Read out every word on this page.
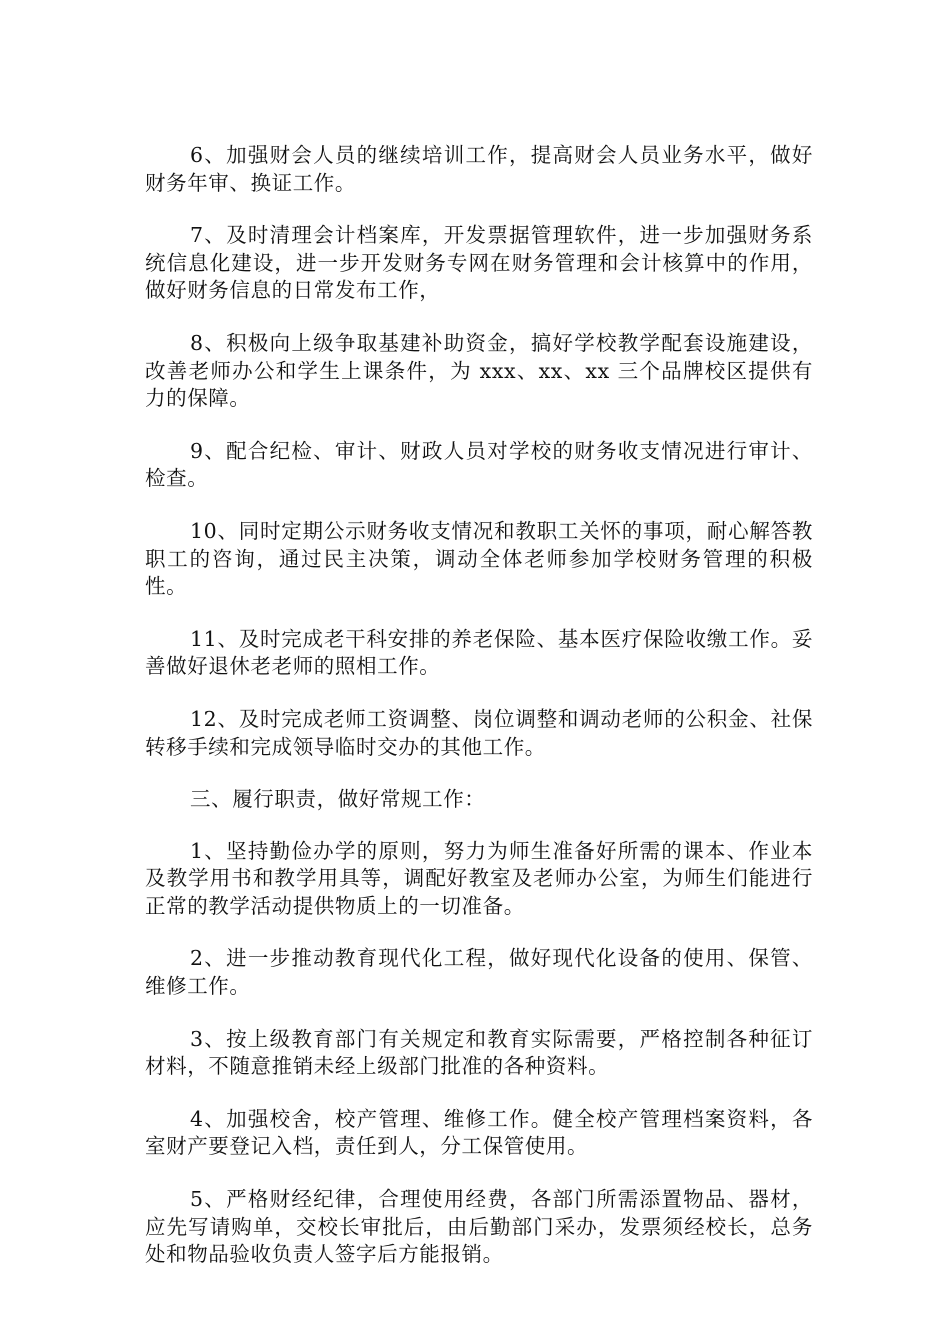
6、加强财会人员的继续培训工作，提高财会人员业务水平，做好财务年审、换证工作。

7、及时清理会计档案库，开发票据管理软件，进一步加强财务系统信息化建设，进一步开发财务专网在财务管理和会计核算中的作用，做好财务信息的日常发布工作，

8、积极向上级争取基建补助资金，搞好学校教学配套设施建设，改善老师办公和学生上课条件，为 xxx、xx、xx 三个品牌校区提供有力的保障。

9、配合纪检、审计、财政人员对学校的财务收支情况进行审计、检查。

10、同时定期公示财务收支情况和教职工关怀的事项，耐心解答教职工的咨询，通过民主决策，调动全体老师参加学校财务管理的积极性。

11、及时完成老干科安排的养老保险、基本医疗保险收缴工作。妥善做好退休老老师的照相工作。

12、及时完成老师工资调整、岗位调整和调动老师的公积金、社保转移手续和完成领导临时交办的其他工作。

三、履行职责，做好常规工作：

1、坚持勤俭办学的原则，努力为师生准备好所需的课本、作业本及教学用书和教学用具等，调配好教室及老师办公室，为师生们能进行正常的教学活动提供物质上的一切准备。

2、进一步推动教育现代化工程，做好现代化设备的使用、保管、维修工作。

3、按上级教育部门有关规定和教育实际需要，严格控制各种征订材料，不随意推销未经上级部门批准的各种资料。

4、加强校舍，校产管理、维修工作。健全校产管理档案资料，各室财产要登记入档，责任到人，分工保管使用。

5、严格财经纪律，合理使用经费，各部门所需添置物品、器材，应先写请购单，交校长审批后，由后勤部门采办，发票须经校长，总务处和物品验收负责人签字后方能报销。
